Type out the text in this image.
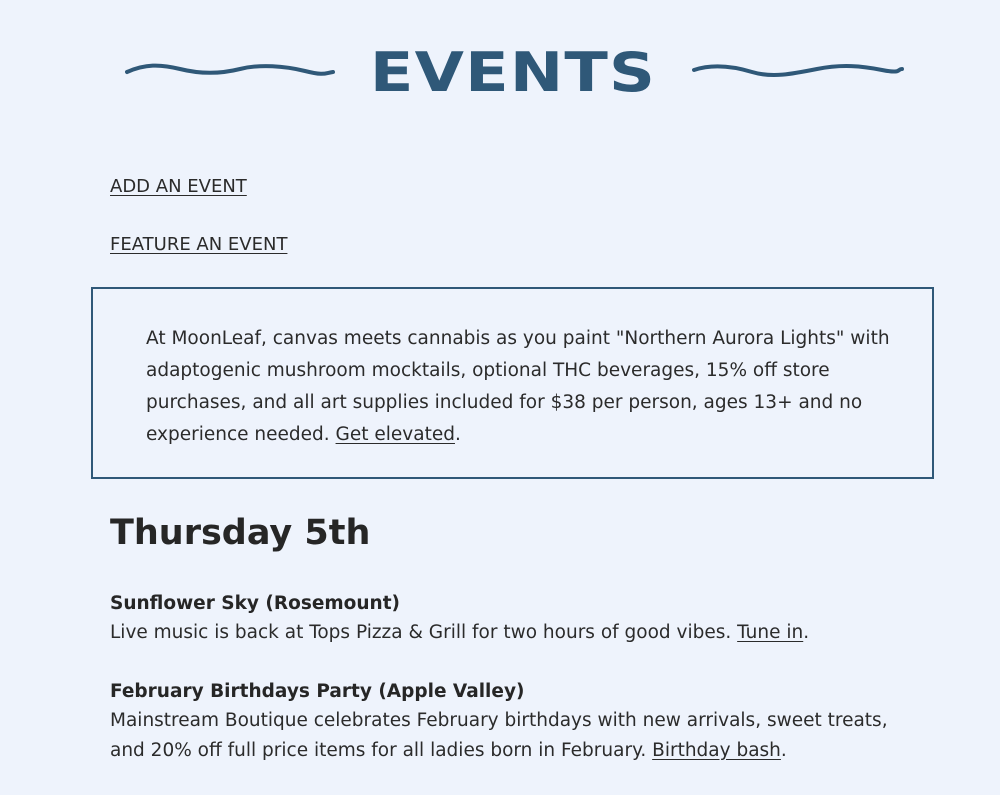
EVENTS
ADD AN EVENT
FEATURE AN EVENT
At MoonLeaf, canvas meets cannabis as you paint "Northern Aurora Lights" with adaptogenic mushroom mocktails, optional THC beverages, 15% off store purchases, and all art supplies included for $38 per person, ages 13+ and no experience needed. Get elevated.
Thursday 5th
Sunflower Sky (Rosemount)
Live music is back at Tops Pizza & Grill for two hours of good vibes. Tune in.
February Birthdays Party (Apple Valley)
Mainstream Boutique celebrates February birthdays with new arrivals, sweet treats, and 20% off full price items for all ladies born in February. Birthday bash.
